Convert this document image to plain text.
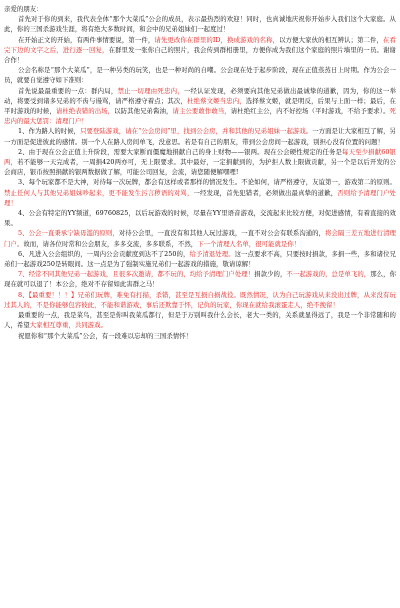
亲爱的朋友：

首先对于你的到来，我代表全体“那个大菜瓜”公会的成员，表示最热烈的欢迎！同时，也真诚地庆祝你开始步入我们这个大家庭。从此，你的三国杀游戏生涯，将有绝大多数时间，和会中的兄弟姐妹们一起度过！

在开始正文的开始，有两件事情要说，第一件，请先更改你在群里的ID，换成游戏的名称，以方便大家伙的相互辨认；第二件，在看完下边的文字之后，进行逐一回复，在群里发一张你自己的照片，我会传到群相册里，方便你成为我们这个家庭的照片墙里的一员。谢谢合作！

公会名称是“那个大菜瓜”，是一种另类的玩笑，也是一种对尚的自嘲。公会现在处于起步阶段，现在正值蒸蒸日上时期。作为公会一员，就要自觉遵守如下准则：

首先说最最重要的一点：群内局，禁止一切理由死忠内，一经认证发现，必须要向其他兄弟做出最诚挚的道歉，因为，你的这一举动，将要受到诸多兄弟的不齿与谩骂，请严格遵守着点；其次，杜绝蔡文姬当忠内，选择蔡文姬，就是明反，后果与上面一样；最后，在平时游戏的时候，请杜绝表错的出场，以防其他兄弟酱油，请主公要敢作敢当，请杜绝红主公，内不好控场（平时游戏，不给予要求）。死忠内的最大惩罚：清理门户！

1、作为路人的时候，只要登陆游戏，请在“公会房间”里，找到公会房，并和其他的兄弟姐妹一起游戏。一方面是让大家相互了解，另一方面是促进彼此的感情。别一个人在路人房间单飞，没意思。若是有自己的朋友，带到公会房间一起游戏，别担心没有位置的问题！

2、由于现在公会正值上升阶段，需要大家断而僵魔地捐献自己的身上财物——银两。现在公会硬性规定的任务是每天至少捐献60银两，若不能够一天完成者，一周捐420两亦可，无上限要求。其中最好，一定捐献到的，为护拒人数上限做贡献，另一个是以后开发的公会商店，银币按照捐献的银两数据做了解，可能公司回复，会流，请您随便解嘿哩!

3、每个玩家都不是大神，对待每一次玩牌，都会有这样或者那样的情况发生。不论如何，请严格遵守，友谊第一，游戏第二的原则。禁止任何人与其他兄弟姐妹吵起来，更不能发生污言秽语的对骂，一经发现，首先犯错者，必须做出最真挚的道歉，否则给予清理门户处理！

4、公会有特定的YY频道，69760825，以后玩游戏的时候，尽量在YY里语音游戏，交流起来比较方便，对促进感情，有着直接的效果。

5、公会一直秉承宁缺毋滥的原则，对待公会里，一直没有和其他人玩过游戏，一直不对公会有联系沟通的，将会隔三差五地进行清理门户。故而，请各位时常和公会朋友，多多交流，多多联系，不然，下一个清理人名单，很可能就是你！

6、凡进入公会组织的，一周内公会贡献度到达不了250的，给予清退处理。这一点要求不高，只要按时捐款，多捐一些，多和诸位兄弟们一起游戏250是转眼间。这一点是为了强制实施兄弟们一起游戏的措施，敬请谅解！

7、经常不同其他兄弟一起游戏，且很多次邀请，都不玩的，均给予清理门户处理！捐款少的，不一起游戏的，总是单飞的，那么，你现在就可以退了！本公会，绝对不存留如此害群之马！

8、【最重要！！！】兄弟们玩牌，难免有打描，杀错，甚至是互损自损战役。既然情况，认为自己玩游戏从来没出过牌，从来没有玩过其人的，不是你能够包容彼此，不能和谐游戏，事后还欺靠于怀，记仇的玩家，你现在就给我滚蛋走人，绝不挽留！

最重要的一点，我是菜鸟，甚至是你叫我菜瓜都行，但是于万别叫我什么会长，老大一类的，关系就显得远了，我是一个非常随和的人，希望大家相互尊重，共同游戏。

祝愿你和“那个大菜瓜”公会，有一段难以忘却的三国杀情怀！
